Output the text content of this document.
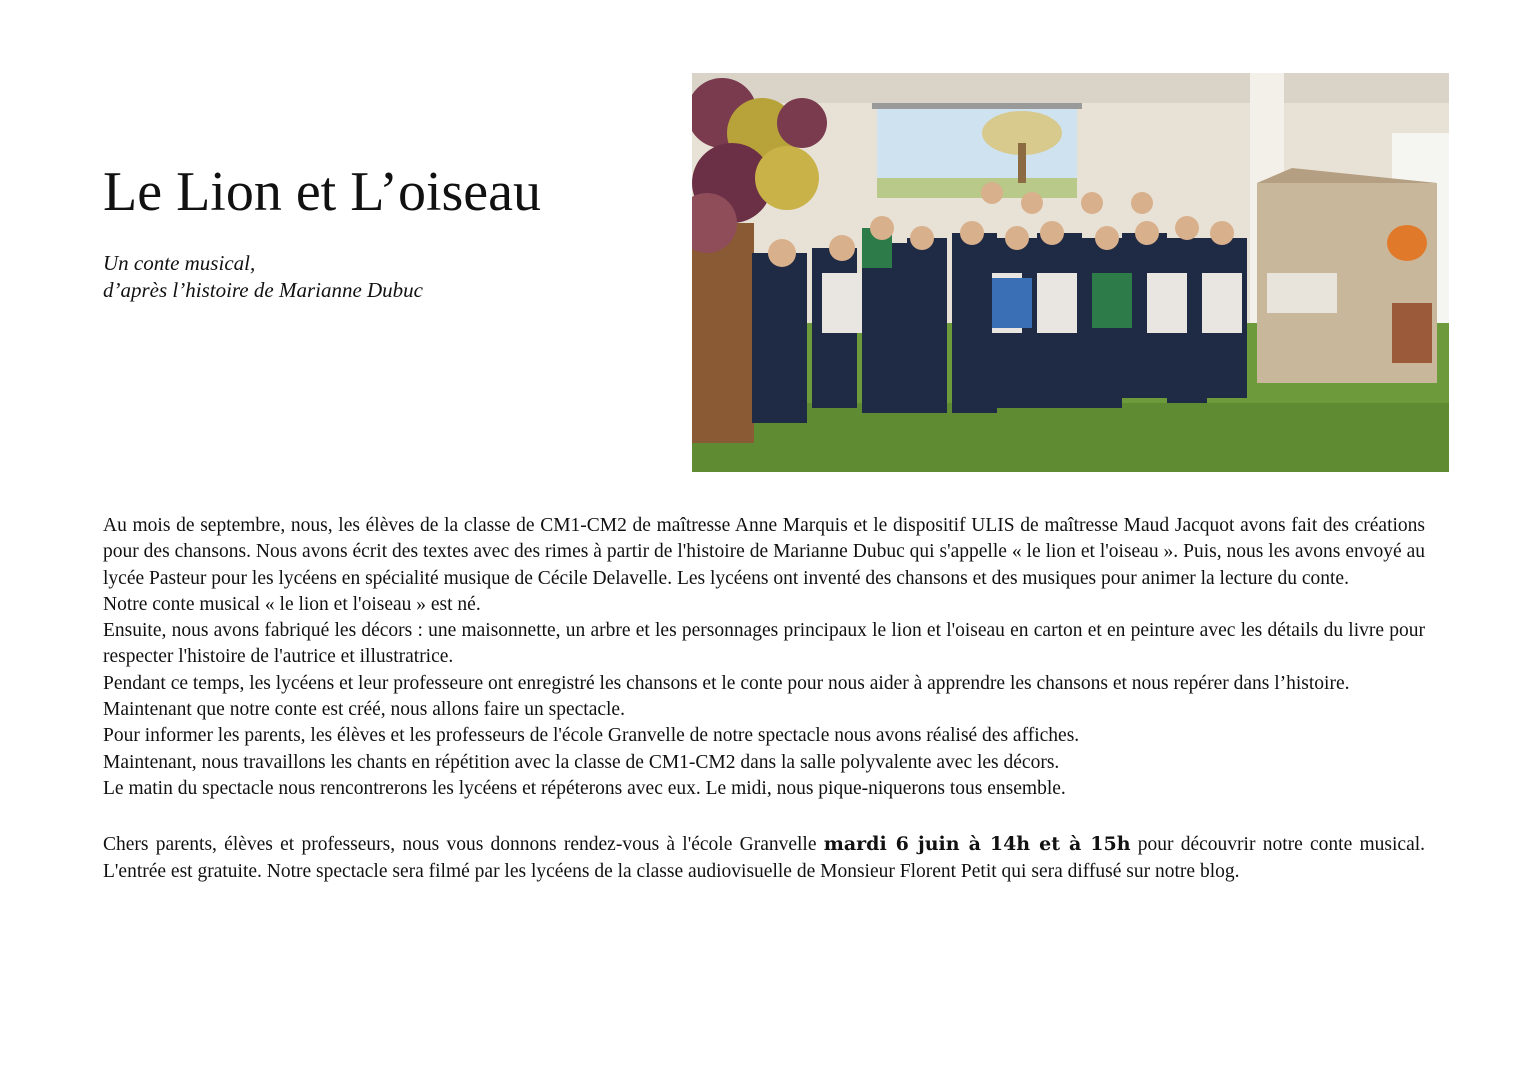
Le Lion et L’oiseau
Un conte musical,
d’après l’histoire de Marianne Dubuc

Au mois de septembre, nous, les élèves de la classe de CM1-CM2 de maîtresse Anne Marquis et le dispositif ULIS de maîtresse Maud Jacquot avons fait des créations pour des chansons. Nous avons écrit des textes avec des rimes à partir de l'histoire de Marianne Dubuc qui s'appelle « le lion et l'oiseau ». Puis, nous les avons envoyé au lycée Pasteur pour les lycéens en spécialité musique de Cécile Delavelle. Les lycéens ont inventé des chansons et des musiques pour animer la lecture du conte.

Notre conte musical « le lion et l'oiseau » est né.

Ensuite, nous avons fabriqué les décors : une maisonnette, un arbre et les personnages principaux le lion et l'oiseau en carton et en peinture avec les détails du livre pour respecter l'histoire de l'autrice et illustratrice.

Pendant ce temps, les lycéens et leur professeure ont enregistré les chansons et le conte pour nous aider à apprendre les chansons et nous repérer dans l’histoire.

Maintenant que notre conte est créé, nous allons faire un spectacle.

Pour informer les parents, les élèves et les professeurs de l'école Granvelle de notre spectacle nous avons réalisé des affiches.

Maintenant, nous travaillons les chants en répétition avec la classe de CM1-CM2 dans la salle polyvalente avec les décors.

Le matin du spectacle nous rencontrerons les lycéens et répéterons avec eux. Le midi, nous pique-niquerons tous ensemble.

Chers parents, élèves et professeurs, nous vous donnons rendez-vous à l'école Granvelle mardi 6 juin à 14h et à 15h pour découvrir notre conte musical. L'entrée est gratuite. Notre spectacle sera filmé par les lycéens de la classe audiovisuelle de Monsieur Florent Petit qui sera diffusé sur notre blog.
